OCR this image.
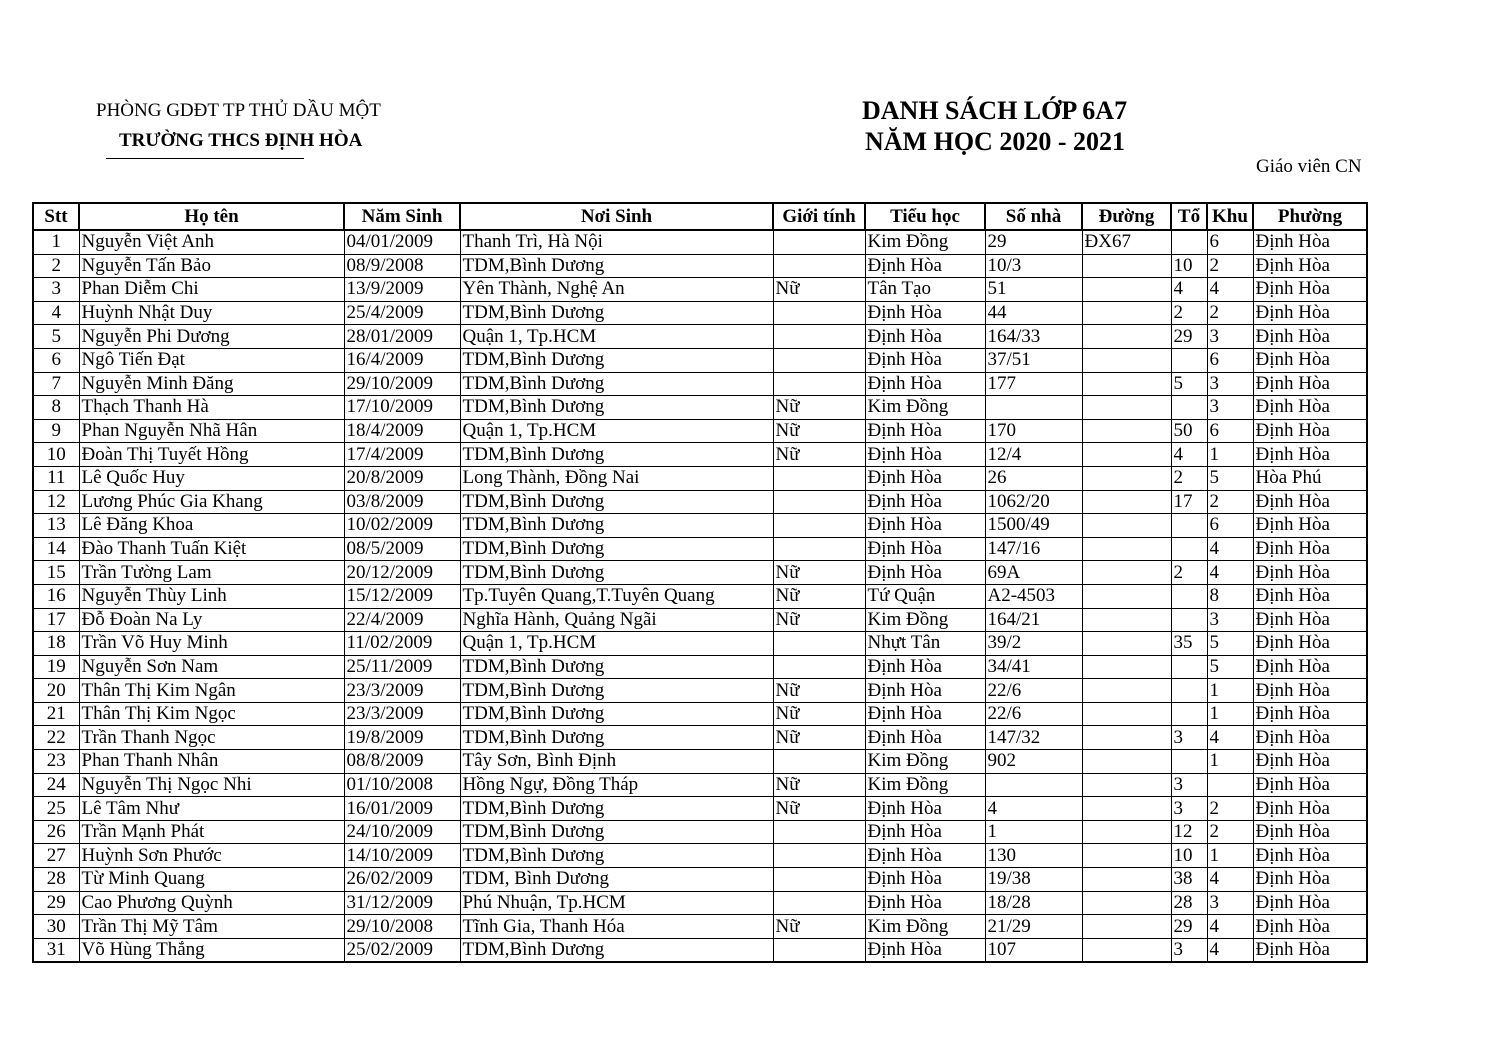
PHÒNG GDĐT TP THỦ DẦU MỘT
TRƯỜNG THCS ĐỊNH HÒA
DANH SÁCH LỚP 6A7
NĂM HỌC 2020 - 2021
Giáo viên CN
Stt	Họ tên	Năm Sinh	Nơi Sinh	Giới tính	Tiểu học	Số nhà	Đường	Tổ	Khu	Phường
1	Nguyễn Việt Anh	04/01/2009	Thanh Trì, Hà Nội		Kim Đồng	29	ĐX67		6	Định Hòa
2	Nguyễn Tấn Bảo	08/9/2008	TDM,Bình Dương		Định Hòa	10/3		10	2	Định Hòa
3	Phan Diễm Chi	13/9/2009	Yên Thành, Nghệ An	Nữ	Tân Tạo	51		4	4	Định Hòa
4	Huỳnh Nhật Duy	25/4/2009	TDM,Bình Dương		Định Hòa	44		2	2	Định Hòa
5	Nguyễn Phi Dương	28/01/2009	Quận 1, Tp.HCM		Định Hòa	164/33		29	3	Định Hòa
6	Ngô Tiến Đạt	16/4/2009	TDM,Bình Dương		Định Hòa	37/51			6	Định Hòa
7	Nguyễn Minh Đăng	29/10/2009	TDM,Bình Dương		Định Hòa	177		5	3	Định Hòa
8	Thạch Thanh Hà	17/10/2009	TDM,Bình Dương	Nữ	Kim Đồng				3	Định Hòa
9	Phan Nguyễn Nhã Hân	18/4/2009	Quận 1, Tp.HCM	Nữ	Định Hòa	170		50	6	Định Hòa
10	Đoàn Thị Tuyết Hồng	17/4/2009	TDM,Bình Dương	Nữ	Định Hòa	12/4		4	1	Định Hòa
11	Lê Quốc Huy	20/8/2009	Long Thành, Đồng Nai		Định Hòa	26		2	5	Hòa Phú
12	Lương Phúc Gia Khang	03/8/2009	TDM,Bình Dương		Định Hòa	1062/20		17	2	Định Hòa
13	Lê Đăng Khoa	10/02/2009	TDM,Bình Dương		Định Hòa	1500/49			6	Định Hòa
14	Đào Thanh Tuấn Kiệt	08/5/2009	TDM,Bình Dương		Định Hòa	147/16			4	Định Hòa
15	Trần Tường Lam	20/12/2009	TDM,Bình Dương	Nữ	Định Hòa	69A		2	4	Định Hòa
16	Nguyễn Thùy Linh	15/12/2009	Tp.Tuyên Quang,T.Tuyên Quang	Nữ	Tứ Quận	A2-4503			8	Định Hòa
17	Đỗ Đoàn Na Ly	22/4/2009	Nghĩa Hành, Quảng Ngãi	Nữ	Kim Đồng	164/21			3	Định Hòa
18	Trần Võ Huy Minh	11/02/2009	Quận 1, Tp.HCM		Nhựt Tân	39/2		35	5	Định Hòa
19	Nguyễn Sơn Nam	25/11/2009	TDM,Bình Dương		Định Hòa	34/41			5	Định Hòa
20	Thân Thị Kim Ngân	23/3/2009	TDM,Bình Dương	Nữ	Định Hòa	22/6			1	Định Hòa
21	Thân Thị Kim Ngọc	23/3/2009	TDM,Bình Dương	Nữ	Định Hòa	22/6			1	Định Hòa
22	Trần Thanh Ngọc	19/8/2009	TDM,Bình Dương	Nữ	Định Hòa	147/32		3	4	Định Hòa
23	Phan Thanh Nhân	08/8/2009	Tây Sơn, Bình Định		Kim Đồng	902			1	Định Hòa
24	Nguyễn Thị Ngọc Nhi	01/10/2008	Hồng Ngự, Đồng Tháp	Nữ	Kim Đồng			3		Định Hòa
25	Lê Tâm Như	16/01/2009	TDM,Bình Dương	Nữ	Định Hòa	4		3	2	Định Hòa
26	Trần Mạnh Phát	24/10/2009	TDM,Bình Dương		Định Hòa	1		12	2	Định Hòa
27	Huỳnh Sơn Phước	14/10/2009	TDM,Bình Dương		Định Hòa	130		10	1	Định Hòa
28	Từ Minh Quang	26/02/2009	TDM, Bình Dương		Định Hòa	19/38		38	4	Định Hòa
29	Cao Phương Quỳnh	31/12/2009	Phú Nhuận, Tp.HCM		Định Hòa	18/28		28	3	Định Hòa
30	Trần Thị Mỹ Tâm	29/10/2008	Tĩnh Gia, Thanh Hóa	Nữ	Kim Đồng	21/29		29	4	Định Hòa
31	Võ Hùng Thắng	25/02/2009	TDM,Bình Dương		Định Hòa	107		3	4	Định Hòa
